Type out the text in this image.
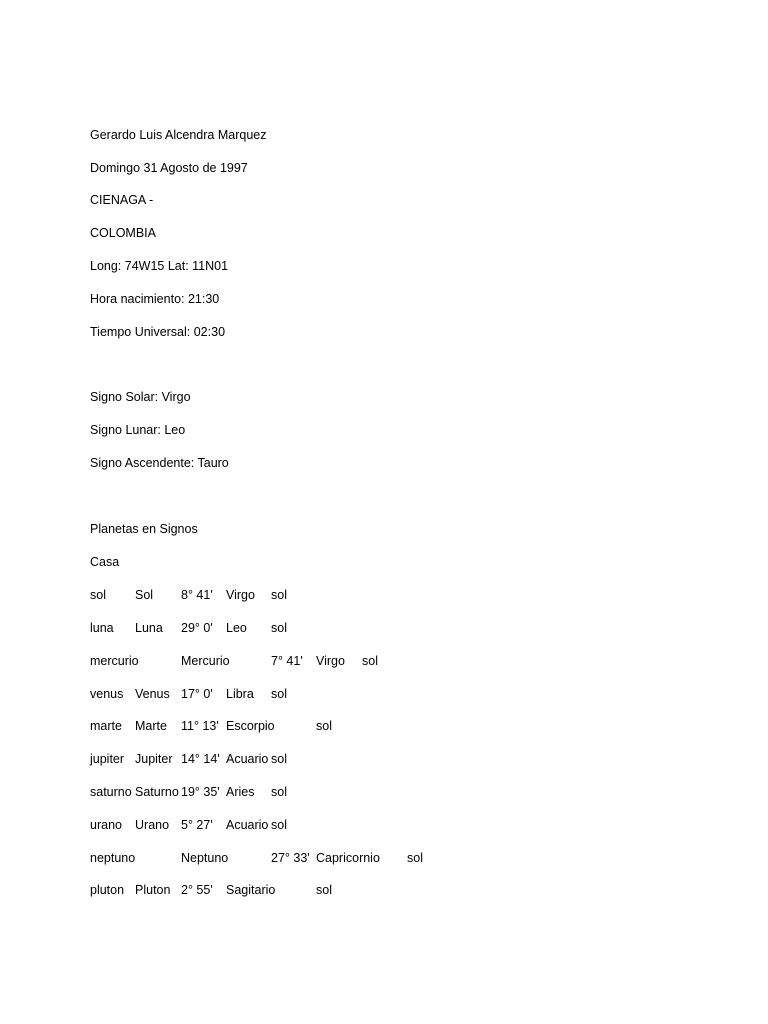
Gerardo Luis Alcendra Marquez
Domingo 31 Agosto de 1997
CIENAGA -
COLOMBIA
Long: 74W15 Lat: 11N01
Hora nacimiento: 21:30
Tiempo Universal: 02:30
Signo Solar: Virgo
Signo Lunar: Leo
Signo Ascendente: Tauro
Planetas en Signos
Casa
sol Sol 8° 41' Virgo sol
luna Luna 29° 0' Leo sol
mercurio	Mercurio	7° 41' Virgo sol
venus Venus 17° 0' Libra sol
marte Marte 11° 13' Escorpio	sol
jupiter Jupiter 14° 14' Acuario sol
saturno Saturno 19° 35' Aries sol
urano Urano 5° 27' Acuario sol
neptuno	Neptuno	27° 33' Capricornio sol
pluton Pluton 2° 55' Sagitario	sol
